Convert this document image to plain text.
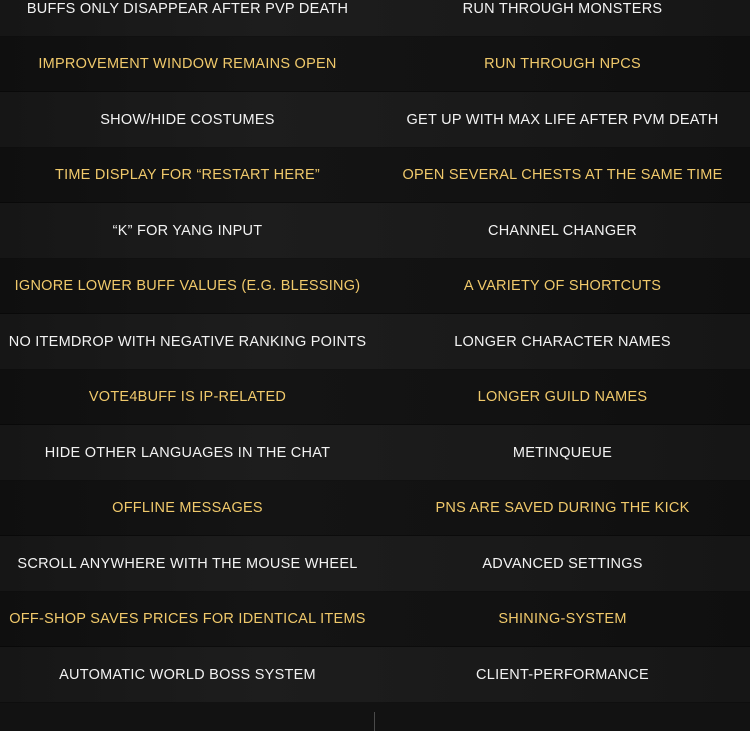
BUFFS ONLY DISAPPEAR AFTER PVP DEATH	RUN THROUGH MONSTERS
IMPROVEMENT WINDOW REMAINS OPEN	RUN THROUGH NPCS
SHOW/HIDE COSTUMES	GET UP WITH MAX LIFE AFTER PVM DEATH
TIME DISPLAY FOR “RESTART HERE”	OPEN SEVERAL CHESTS AT THE SAME TIME
“K” FOR YANG INPUT	CHANNEL CHANGER
IGNORE LOWER BUFF VALUES (E.G. BLESSING)	A VARIETY OF SHORTCUTS
NO ITEMDROP WITH NEGATIVE RANKING POINTS	LONGER CHARACTER NAMES
VOTE4BUFF IS IP-RELATED	LONGER GUILD NAMES
HIDE OTHER LANGUAGES IN THE CHAT	METINQUEUE
OFFLINE MESSAGES	PNS ARE SAVED DURING THE KICK
SCROLL ANYWHERE WITH THE MOUSE WHEEL	ADVANCED SETTINGS
OFF-SHOP SAVES PRICES FOR IDENTICAL ITEMS	SHINING-SYSTEM
AUTOMATIC WORLD BOSS SYSTEM	CLIENT-PERFORMANCE
